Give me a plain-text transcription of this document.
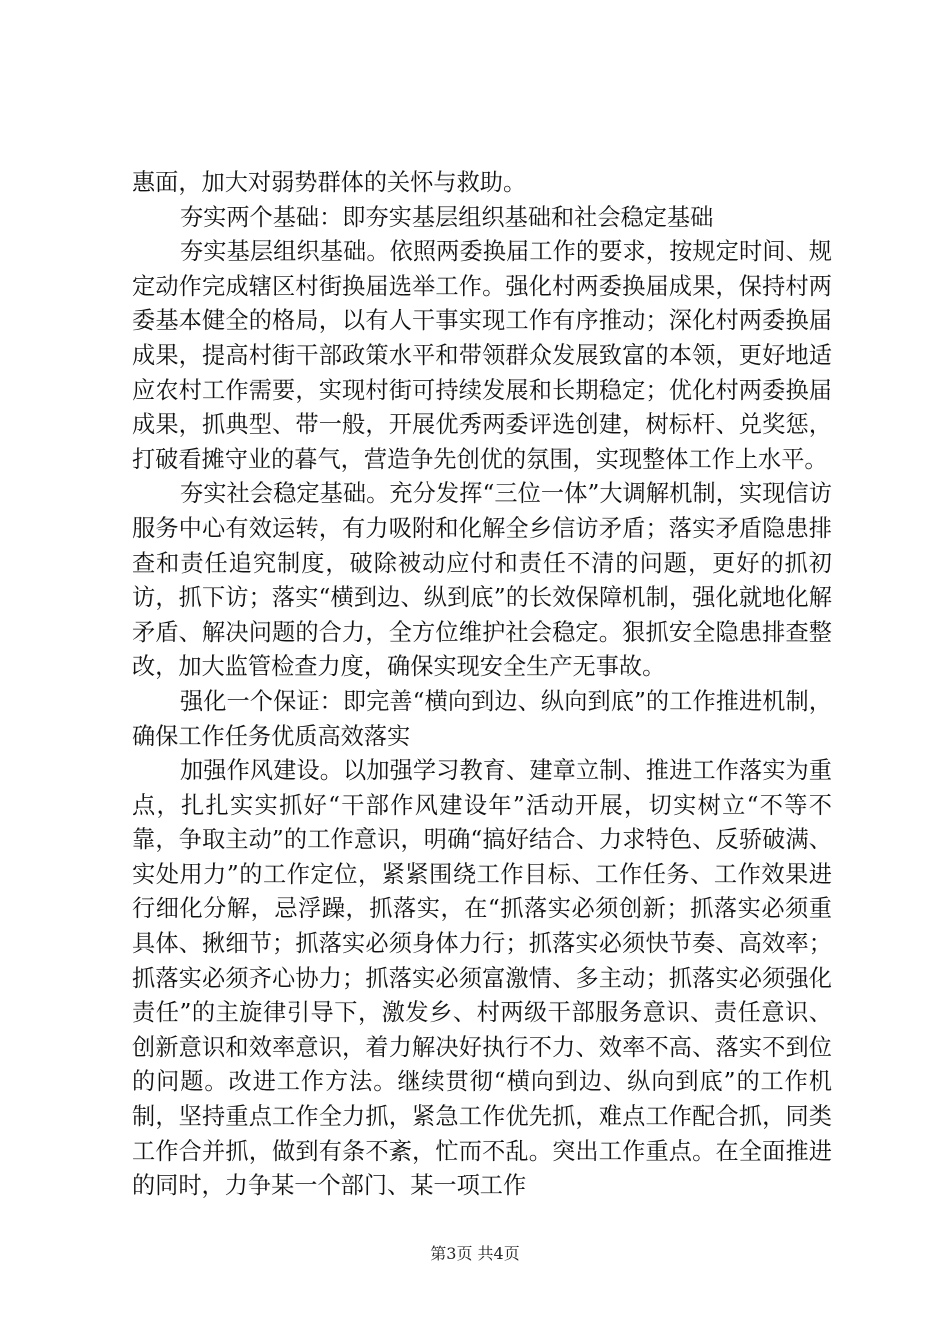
惠面，加大对弱势群体的关怀与救助。

夯实两个基础：即夯实基层组织基础和社会稳定基础

夯实基层组织基础。依照两委换届工作的要求，按规定时间、规定动作完成辖区村街换届选举工作。强化村两委换届成果，保持村两委基本健全的格局，以有人干事实现工作有序推动；深化村两委换届成果，提高村街干部政策水平和带领群众发展致富的本领，更好地适应农村工作需要，实现村街可持续发展和长期稳定；优化村两委换届成果，抓典型、带一般，开展优秀两委评选创建，树标杆、兑奖惩，打破看摊守业的暮气，营造争先创优的氛围，实现整体工作上水平。

夯实社会稳定基础。充分发挥“三位一体”大调解机制，实现信访服务中心有效运转，有力吸附和化解全乡信访矛盾；落实矛盾隐患排查和责任追究制度，破除被动应付和责任不清的问题，更好的抓初访，抓下访；落实“横到边、纵到底”的长效保障机制，强化就地化解矛盾、解决问题的合力，全方位维护社会稳定。狠抓安全隐患排查整改，加大监管检查力度，确保实现安全生产无事故。

强化一个保证：即完善“横向到边、纵向到底”的工作推进机制，确保工作任务优质高效落实

加强作风建设。以加强学习教育、建章立制、推进工作落实为重点，扎扎实实抓好“干部作风建设年”活动开展，切实树立“不等不靠，争取主动”的工作意识，明确“搞好结合、力求特色、反骄破满、实处用力”的工作定位，紧紧围绕工作目标、工作任务、工作效果进行细化分解，忌浮躁，抓落实，在“抓落实必须创新；抓落实必须重具体、揪细节；抓落实必须身体力行；抓落实必须快节奏、高效率；抓落实必须齐心协力；抓落实必须富激情、多主动；抓落实必须强化责任”的主旋律引导下，激发乡、村两级干部服务意识、责任意识、创新意识和效率意识，着力解决好执行不力、效率不高、落实不到位的问题。改进工作方法。继续贯彻“横向到边、纵向到底”的工作机制，坚持重点工作全力抓，紧急工作优先抓，难点工作配合抓，同类工作合并抓，做到有条不紊，忙而不乱。突出工作重点。在全面推进的同时，力争某一个部门、某一项工作

第3页 共4页
